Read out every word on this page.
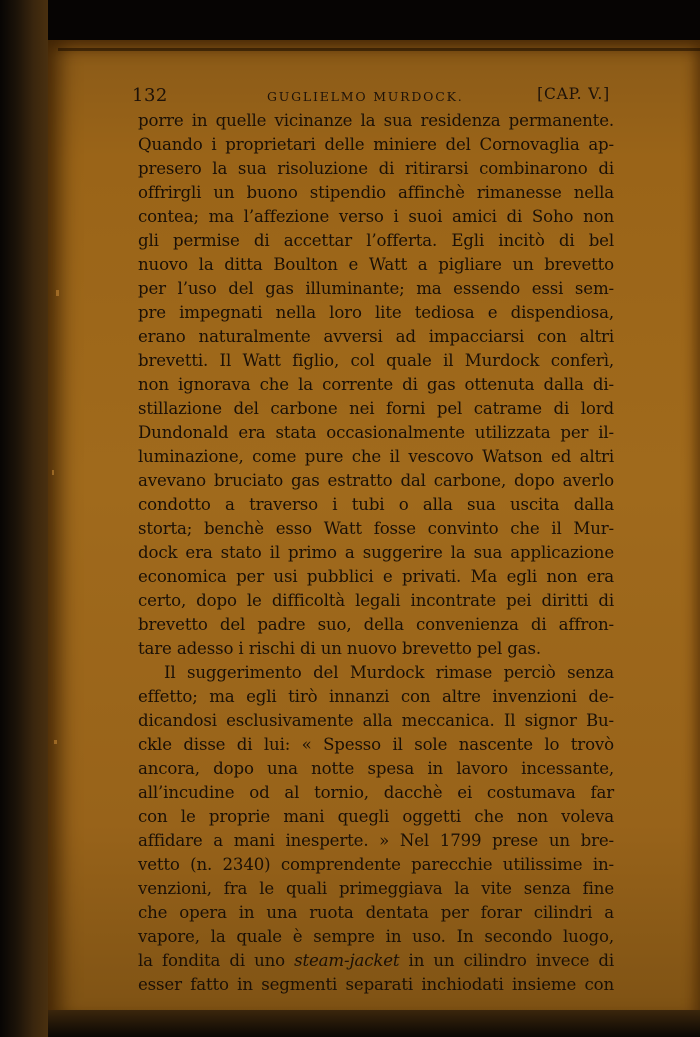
132	GUGLIELMO MURDOCK.	[CAP. V.]
porre in quelle vicinanze la sua residenza permanente.
Quando i proprietari delle miniere del Cornovaglia ap-
presero la sua risoluzione di ritirarsi combinarono di
offrirgli un buono stipendio affinchè rimanesse nella
contea; ma l’affezione verso i suoi amici di Soho non
gli permise di accettar l’offerta. Egli incitò di bel
nuovo la ditta Boulton e Watt a pigliare un brevetto
per l’uso del gas illuminante; ma essendo essi sem-
pre impegnati nella loro lite tediosa e dispendiosa,
erano naturalmente avversi ad impacciarsi con altri
brevetti. Il Watt figlio, col quale il Murdock conferì,
non ignorava che la corrente di gas ottenuta dalla di-
stillazione del carbone nei forni pel catrame di lord
Dundonald era stata occasionalmente utilizzata per il-
luminazione, come pure che il vescovo Watson ed altri
avevano bruciato gas estratto dal carbone, dopo averlo
condotto a traverso i tubi o alla sua uscita dalla
storta; benchè esso Watt fosse convinto che il Mur-
dock era stato il primo a suggerire la sua applicazione
economica per usi pubblici e privati. Ma egli non era
certo, dopo le difficoltà legali incontrate pei diritti di
brevetto del padre suo, della convenienza di affron-
tare adesso i rischi di un nuovo brevetto pel gas.
Il suggerimento del Murdock rimase perciò senza
effetto; ma egli tirò innanzi con altre invenzioni de-
dicandosi esclusivamente alla meccanica. Il signor Bu-
ckle disse di lui: « Spesso il sole nascente lo trovò
ancora, dopo una notte spesa in lavoro incessante,
all’incudine od al tornio, dacchè ei costumava far
con le proprie mani quegli oggetti che non voleva
affidare a mani inesperte. » Nel 1799 prese un bre-
vetto (n. 2340) comprendente parecchie utilissime in-
venzioni, fra le quali primeggiava la vite senza fine
che opera in una ruota dentata per forar cilindri a
vapore, la quale è sempre in uso. In secondo luogo,
la fondita di uno steam-jacket in un cilindro invece di
esser fatto in segmenti separati inchiodati insieme con
